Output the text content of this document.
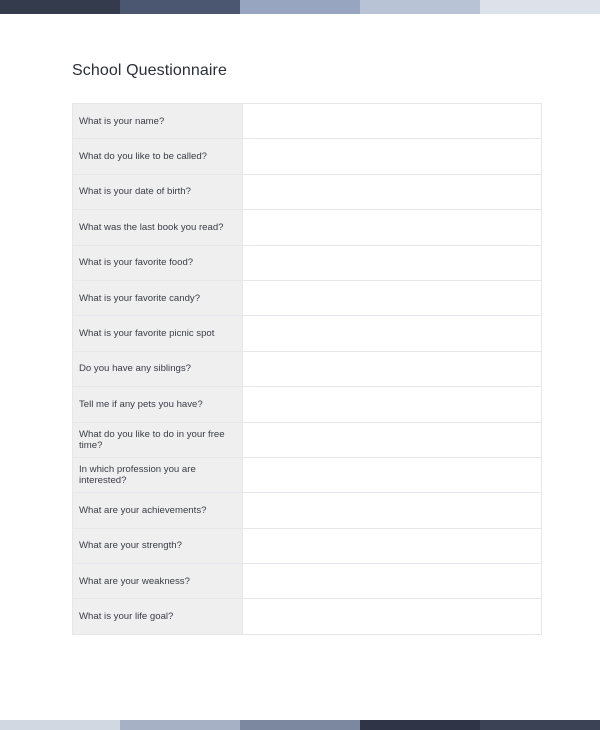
School Questionnaire
What is your name?	
What do you like to be called?	
What is your date of birth?	
What was the last book you read?	
What is your favorite food?	
What is your favorite candy?	
What is your favorite picnic spot	
Do you have any siblings?	
Tell me if any pets you have?	
What do you like to do in your free time?	
In which profession you are interested?	
What are your achievements?	
What are your strength?	
What are your weakness?	
What is your life goal?	
